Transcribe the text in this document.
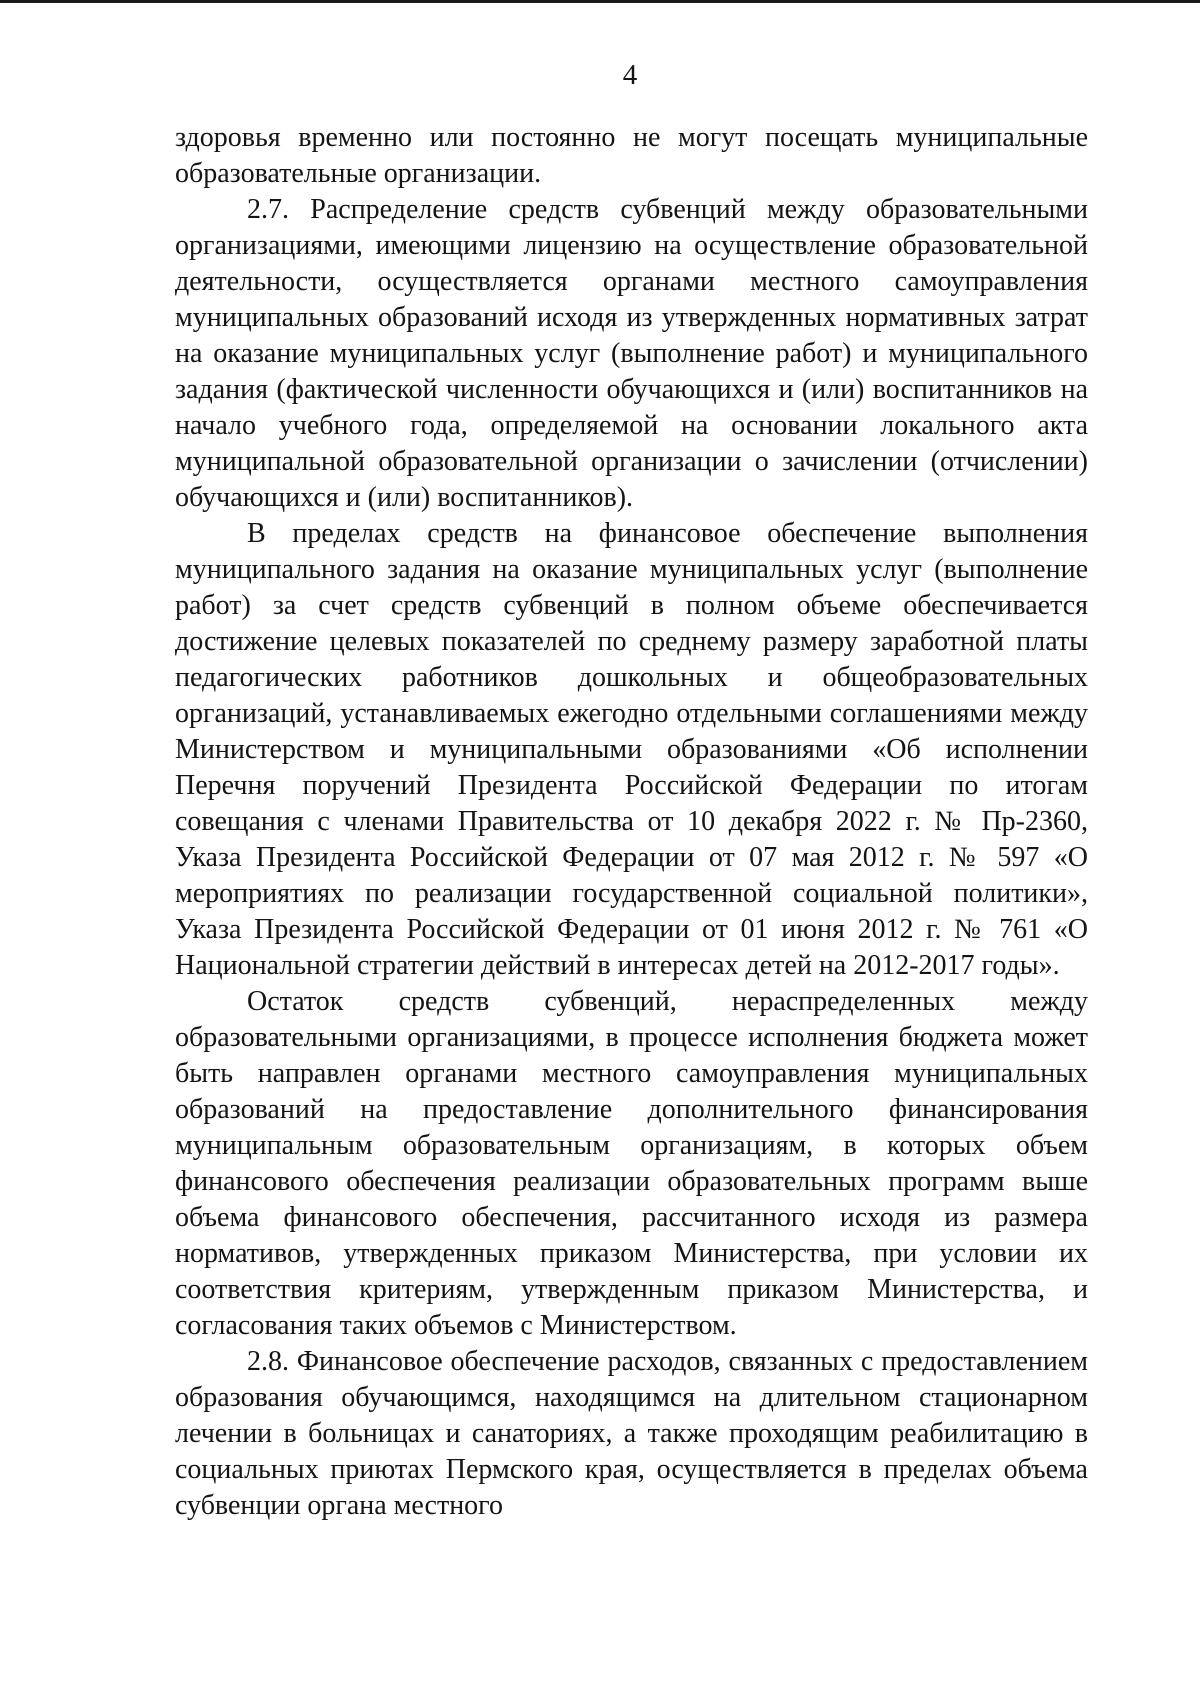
4

здоровья временно или постоянно не могут посещать муниципальные образовательные организации.

2.7. Распределение средств субвенций между образовательными организациями, имеющими лицензию на осуществление образовательной деятельности, осуществляется органами местного самоуправления муниципальных образований исходя из утвержденных нормативных затрат на оказание муниципальных услуг (выполнение работ) и муниципального задания (фактической численности обучающихся и (или) воспитанников на начало учебного года, определяемой на основании локального акта муниципальной образовательной организации о зачислении (отчислении) обучающихся и (или) воспитанников).

В пределах средств на финансовое обеспечение выполнения муниципального задания на оказание муниципальных услуг (выполнение работ) за счет средств субвенций в полном объеме обеспечивается достижение целевых показателей по среднему размеру заработной платы педагогических работников дошкольных и общеобразовательных организаций, устанавливаемых ежегодно отдельными соглашениями между Министерством и муниципальными образованиями «Об исполнении Перечня поручений Президента Российской Федерации по итогам совещания с членами Правительства от 10 декабря 2022 г. № Пр-2360, Указа Президента Российской Федерации от 07 мая 2012 г. № 597 «О мероприятиях по реализации государственной социальной политики», Указа Президента Российской Федерации от 01 июня 2012 г. № 761 «О Национальной стратегии действий в интересах детей на 2012-2017 годы».

Остаток средств субвенций, нераспределенных между образовательными организациями, в процессе исполнения бюджета может быть направлен органами местного самоуправления муниципальных образований на предоставление дополнительного финансирования муниципальным образовательным организациям, в которых объем финансового обеспечения реализации образовательных программ выше объема финансового обеспечения, рассчитанного исходя из размера нормативов, утвержденных приказом Министерства, при условии их соответствия критериям, утвержденным приказом Министерства, и согласования таких объемов с Министерством.

2.8. Финансовое обеспечение расходов, связанных с предоставлением образования обучающимся, находящимся на длительном стационарном лечении в больницах и санаториях, а также проходящим реабилитацию в социальных приютах Пермского края, осуществляется в пределах объема субвенции органа местного
